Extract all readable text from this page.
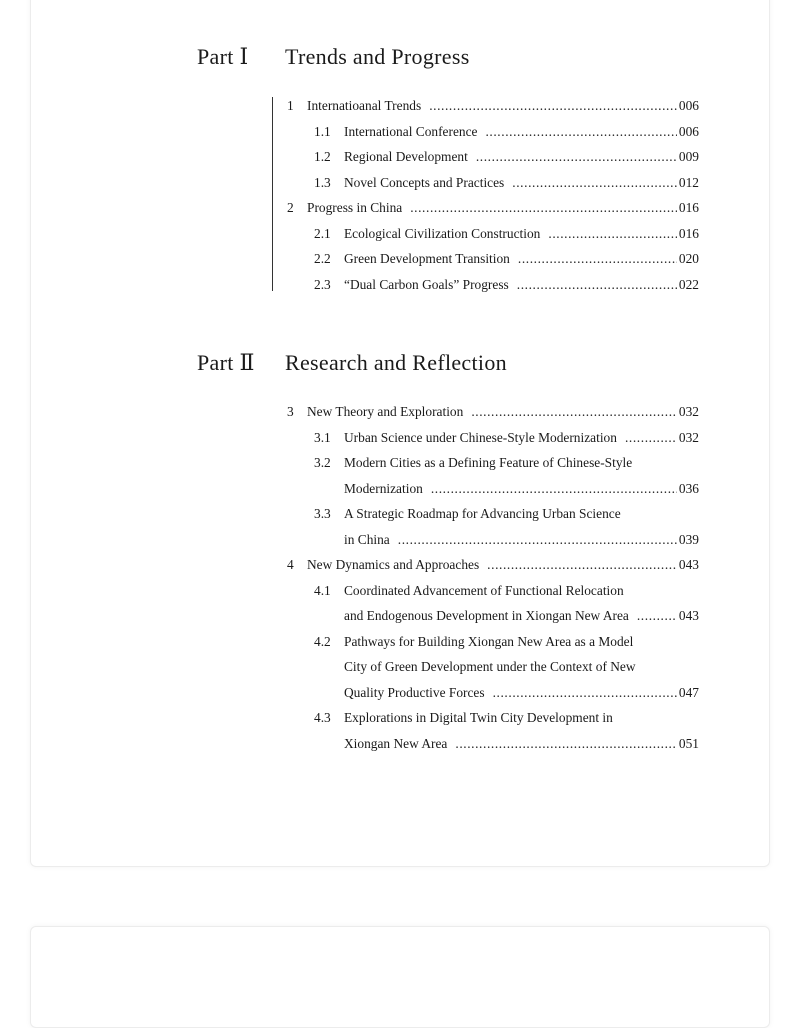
Part Ⅰ Trends and Progress
1 Internatioanal Trends .....	006
1.1 International Conference .....	006
1.2 Regional Development .....	009
1.3 Novel Concepts and Practices .....	012
2 Progress in China .....	016
2.1 Ecological Civilization Construction .....	016
2.2 Green Development Transition .....	020
2.3 “Dual Carbon Goals” Progress .....	022
Part Ⅱ Research and Reflection
3 New Theory and Exploration .....	032
3.1 Urban Science under Chinese-Style Modernization .....	032
3.2 Modern Cities as a Defining Feature of Chinese-Style
Modernization .....	036
3.3 A Strategic Roadmap for Advancing Urban Science
in China .....	039
4 New Dynamics and Approaches .....	043
4.1 Coordinated Advancement of Functional Relocation
and Endogenous Development in Xiongan New Area .....	043
4.2 Pathways for Building Xiongan New Area as a Model
City of Green Development under the Context of New
Quality Productive Forces .....	047
4.3 Explorations in Digital Twin City Development in
Xiongan New Area .....	051
